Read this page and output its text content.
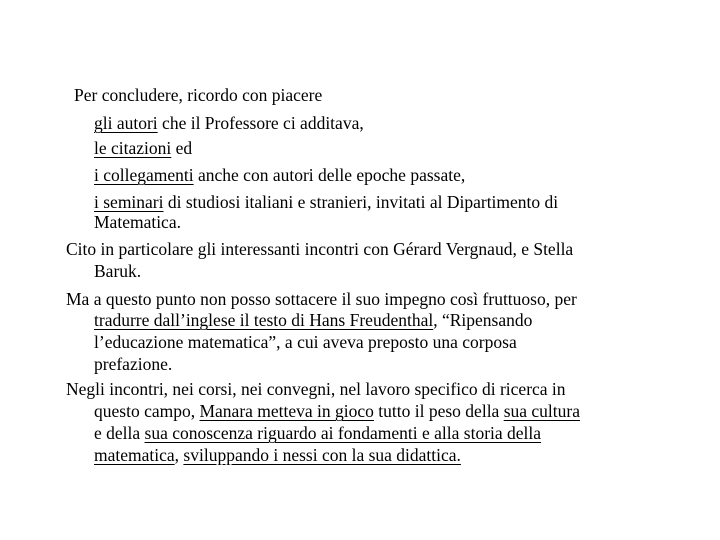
Per concludere, ricordo con piacere
gli autori che il Professore ci additava,
le citazioni ed
i collegamenti anche con autori delle epoche passate,
i seminari di studiosi italiani e stranieri, invitati al Dipartimento di
Matematica.
Cito in particolare gli interessanti incontri con Gérard Vergnaud, e Stella
Baruk.
Ma a questo punto non posso sottacere il suo impegno così fruttuoso, per
tradurre dall’inglese il testo di Hans Freudenthal, “Ripensando
l’educazione matematica”, a cui aveva preposto una corposa
prefazione.
Negli incontri, nei corsi, nei convegni, nel lavoro specifico di ricerca in
questo campo, Manara metteva in gioco tutto il peso della sua cultura
e della sua conoscenza riguardo ai fondamenti e alla storia della
matematica, sviluppando i nessi con la sua didattica.
